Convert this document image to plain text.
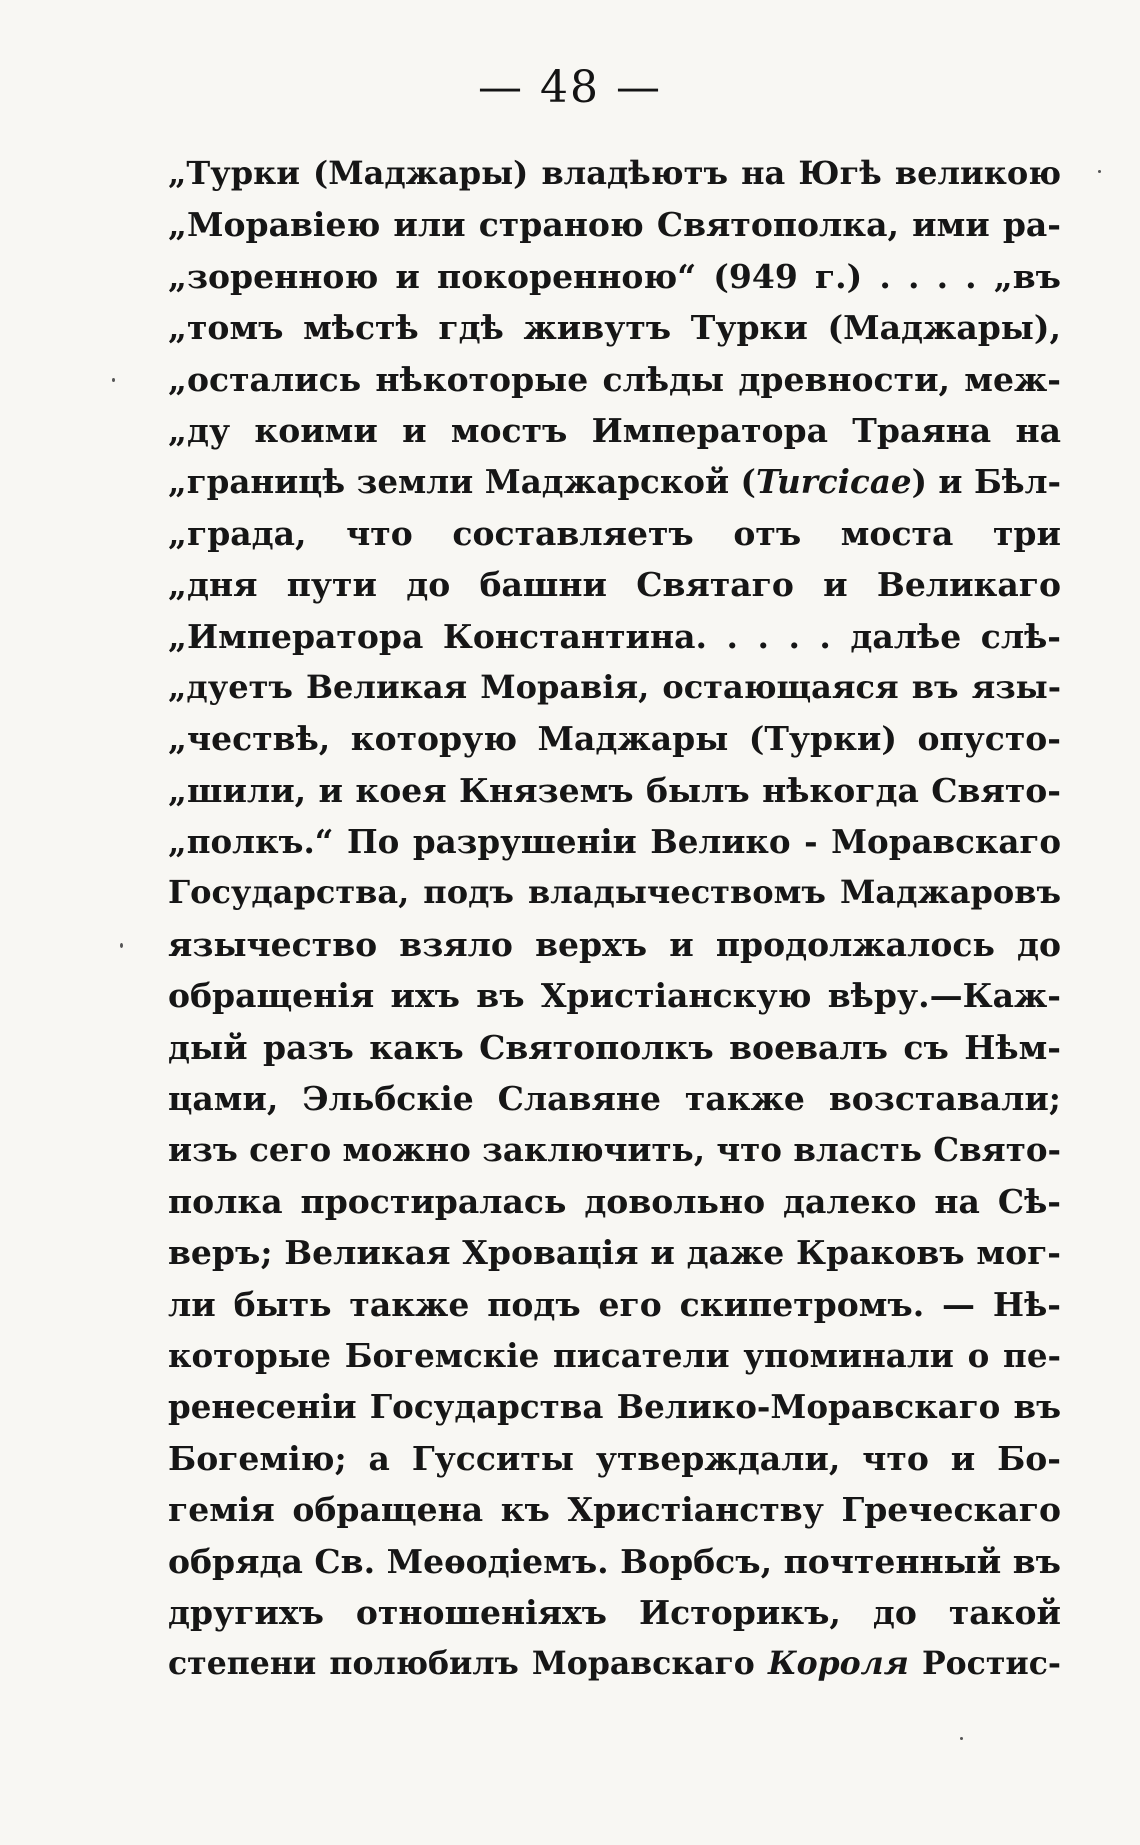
— 48 —
„Турки (Маджары) владѣютъ на Югѣ великою
„Моравіею или страною Святополка, ими ра-
„зоренною и покоренною“ (949 г.) . . . . „въ
„томъ мѣстѣ гдѣ живутъ Турки (Маджары),
„остались нѣкоторые слѣды древности, меж-
„ду коими и мостъ Императора Траяна на
„границѣ земли Маджарской (Turcicae) и Бѣл-
„града, что составляетъ отъ моста три
„дня пути до башни Святаго и Великаго
„Императора Константина. . . . . далѣе слѣ-
„дуетъ Великая Моравія, остающаяся въ язы-
„чествѣ, которую Маджары (Турки) опусто-
„шили, и коея Княземъ былъ нѣкогда Свято-
„полкъ.“ По разрушеніи Велико - Моравскаго
Государства, подъ владычествомъ Маджаровъ
язычество взяло верхъ и продолжалось до
обращенія ихъ въ Христіанскую вѣру.—Каж-
дый разъ какъ Святополкъ воевалъ съ Нѣм-
цами, Эльбскіе Славяне также возставали;
изъ сего можно заключить, что власть Свято-
полка простиралась довольно далеко на Сѣ-
веръ; Великая Хровація и даже Краковъ мог-
ли быть также подъ его скипетромъ. — Нѣ-
которые Богемскіе писатели упоминали о пе-
ренесеніи Государства Велико-Моравскаго въ
Богемію; а Гусситы утверждали, что и Бо-
гемія обращена къ Христіанству Греческаго
обряда Св. Меѳодіемъ. Ворбсъ, почтенный въ
другихъ отношеніяхъ Историкъ, до такой
степени полюбилъ Моравскаго Короля Ростис-
